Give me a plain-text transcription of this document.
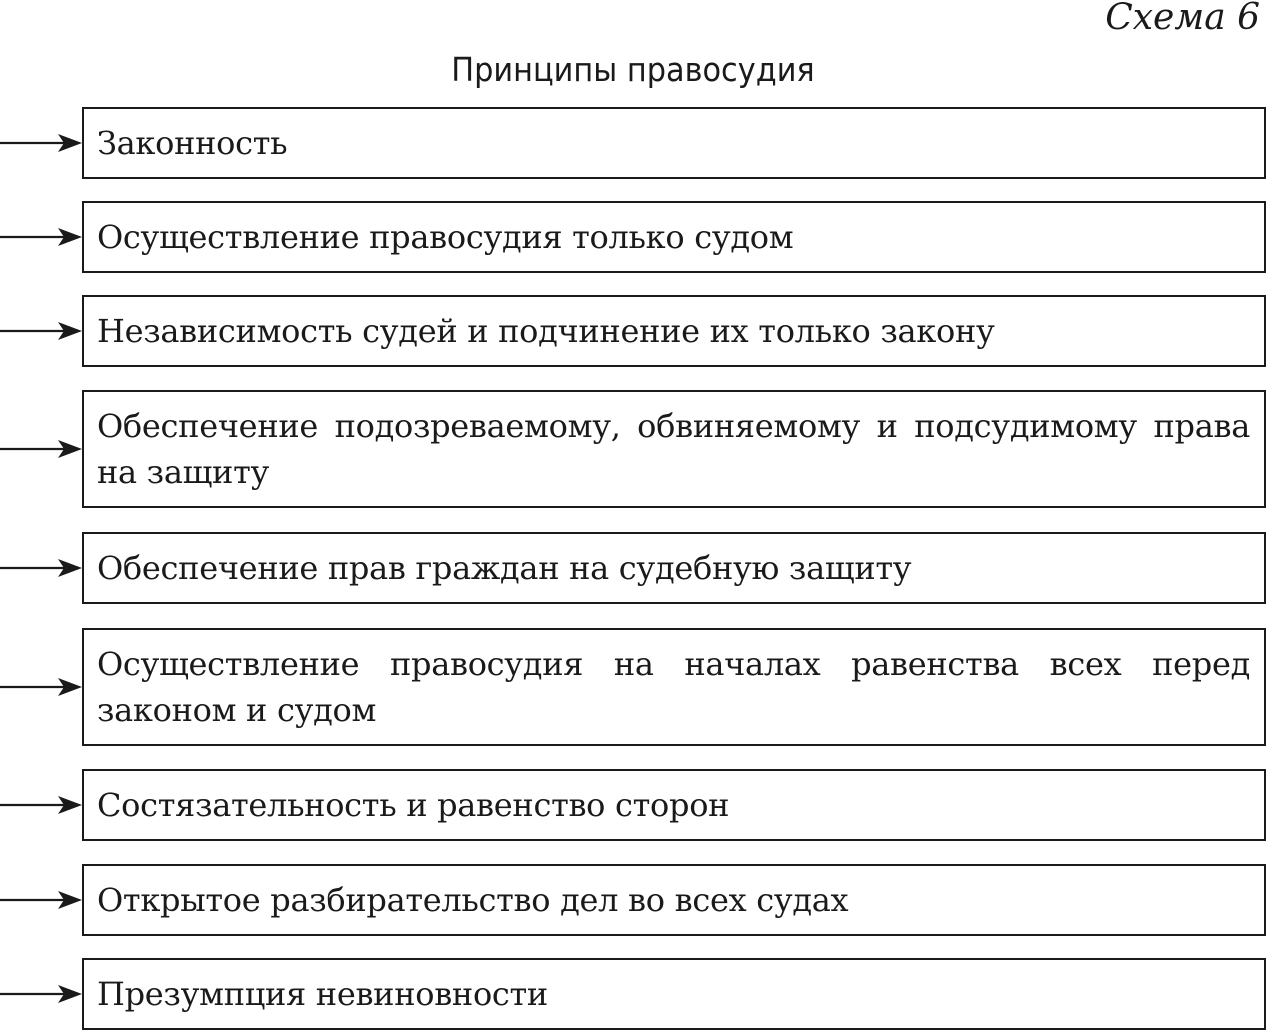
Схема 6
Принципы правосудия
Законность
Осуществление правосудия только судом
Независимость судей и подчинение их только закону
Обеспечение подозреваемому, обвиняемому и подсудимому права на защиту
Обеспечение прав граждан на судебную защиту
Осуществление правосудия на началах равенства всех перед законом и судом
Состязательность и равенство сторон
Открытое разбирательство дел во всех судах
Презумпция невиновности
